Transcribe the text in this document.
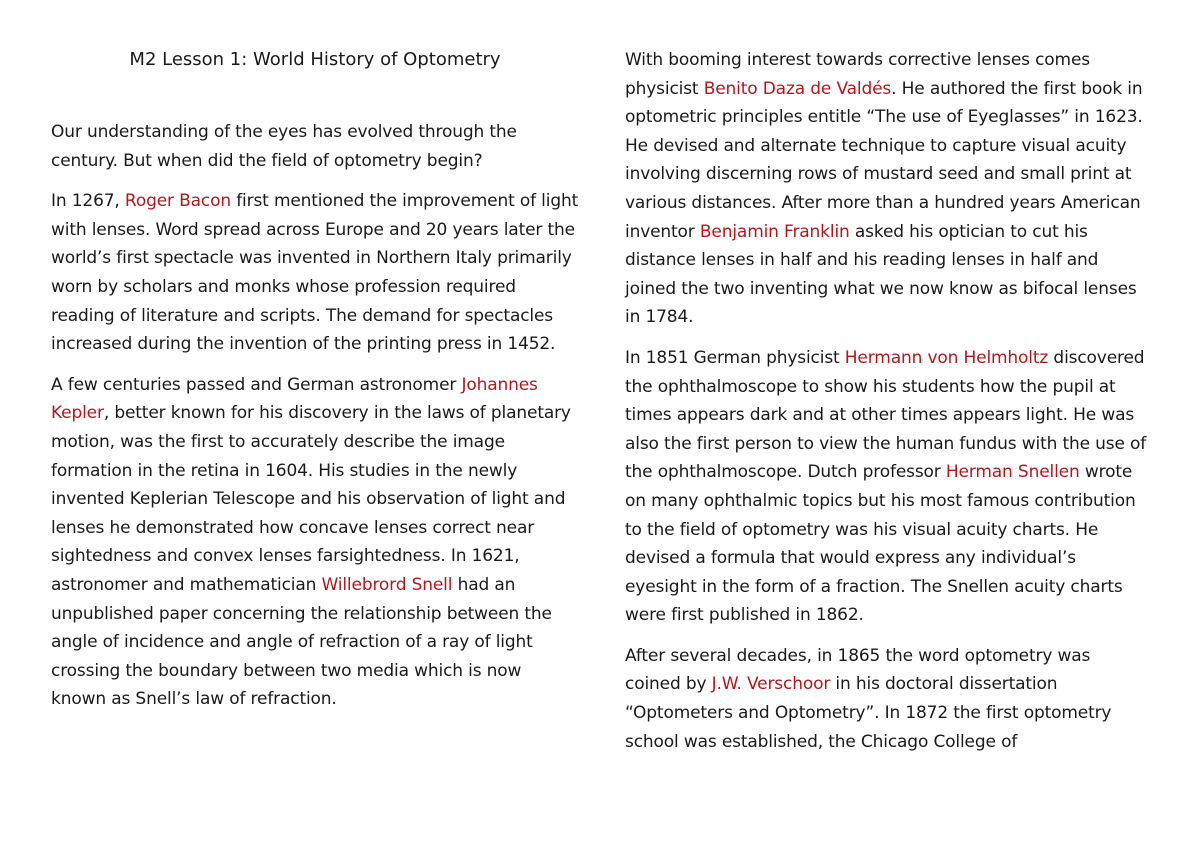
M2 Lesson 1: World History of Optometry

Our understanding of the eyes has evolved through the century. But when did the field of optometry begin?

In 1267, Roger Bacon first mentioned the improvement of light with lenses. Word spread across Europe and 20 years later the world’s first spectacle was invented in Northern Italy primarily worn by scholars and monks whose profession required reading of literature and scripts. The demand for spectacles increased during the invention of the printing press in 1452.

A few centuries passed and German astronomer Johannes Kepler, better known for his discovery in the laws of planetary motion, was the first to accurately describe the image formation in the retina in 1604. His studies in the newly invented Keplerian Telescope and his observation of light and lenses he demonstrated how concave lenses correct near sightedness and convex lenses farsightedness. In 1621, astronomer and mathematician Willebrord Snell had an unpublished paper concerning the relationship between the angle of incidence and angle of refraction of a ray of light crossing the boundary between two media which is now known as Snell’s law of refraction.

With booming interest towards corrective lenses comes physicist Benito Daza de Valdés. He authored the first book in optometric principles entitle “The use of Eyeglasses” in 1623. He devised and alternate technique to capture visual acuity involving discerning rows of mustard seed and small print at various distances. After more than a hundred years American inventor Benjamin Franklin asked his optician to cut his distance lenses in half and his reading lenses in half and joined the two inventing what we now know as bifocal lenses in 1784.

In 1851 German physicist Hermann von Helmholtz discovered the ophthalmoscope to show his students how the pupil at times appears dark and at other times appears light. He was also the first person to view the human fundus with the use of the ophthalmoscope. Dutch professor Herman Snellen wrote on many ophthalmic topics but his most famous contribution to the field of optometry was his visual acuity charts. He devised a formula that would express any individual’s eyesight in the form of a fraction. The Snellen acuity charts were first published in 1862.

After several decades, in 1865 the word optometry was coined by J.W. Verschoor in his doctoral dissertation “Optometers and Optometry”. In 1872 the first optometry school was established, the Chicago College of
